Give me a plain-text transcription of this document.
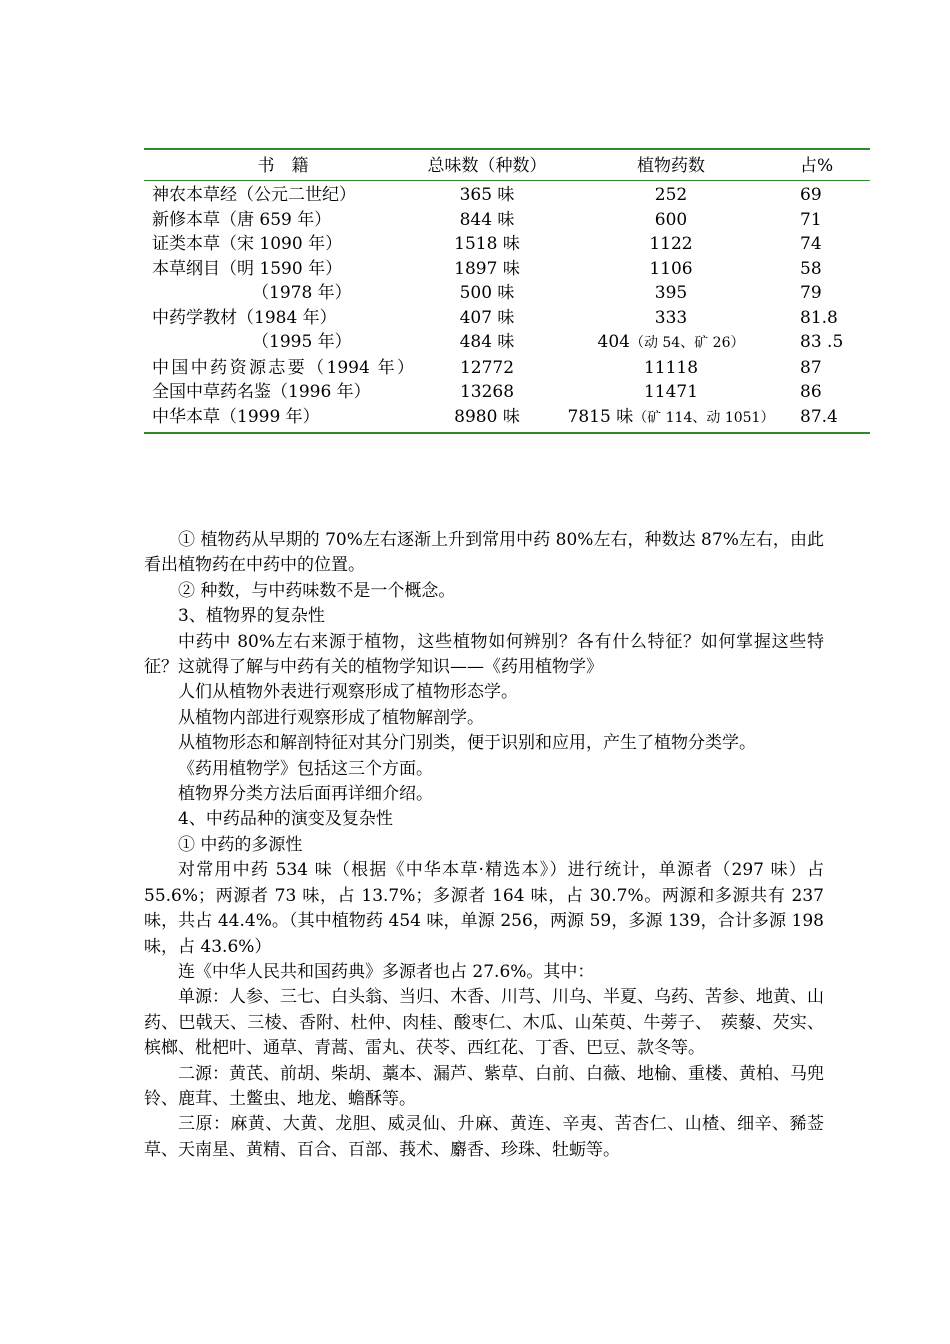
书　籍	总味数（种数）	植物药数	占%
神农本草经（公元二世纪）	365 味	252	69
新修本草（唐 659 年）	844 味	600	71
证类本草（宋 1090 年）	1518 味	1122	74
本草纲目（明 1590 年）	1897 味	1106	58
（1978 年）	500 味	395	79
中药学教材（1984 年）	407 味	333	81.8
（1995 年）	484 味	404（动 54、矿 26）	83 .5
中国中药资源志要（1994 年）	12772	11118	87
全国中草药名鉴（1996 年）	13268	11471	86
中华本草（1999 年）	8980 味	7815 味（矿 114、动 1051）	87.4

① 植物药从早期的 70%左右逐渐上升到常用中药 80%左右，种数达 87%左右，由此看出植物药在中药中的位置。

② 种数，与中药味数不是一个概念。

3、植物界的复杂性

中药中 80%左右来源于植物，这些植物如何辨别？各有什么特征？如何掌握这些特征？这就得了解与中药有关的植物学知识——《药用植物学》

人们从植物外表进行观察形成了植物形态学。

从植物内部进行观察形成了植物解剖学。

从植物形态和解剖特征对其分门别类，便于识别和应用，产生了植物分类学。

《药用植物学》包括这三个方面。

植物界分类方法后面再详细介绍。

4、中药品种的演变及复杂性

① 中药的多源性

对常用中药 534 味（根据《中华本草·精选本》）进行统计，单源者（297 味）占 55.6%；两源者 73 味，占 13.7%；多源者 164 味，占 30.7%。两源和多源共有 237 味，共占 44.4%。（其中植物药 454 味，单源 256，两源 59，多源 139，合计多源 198 味，占 43.6%）

连《中华人民共和国药典》多源者也占 27.6%。其中：

单源：人参、三七、白头翁、当归、木香、川芎、川乌、半夏、乌药、苦参、地黄、山药、巴戟天、三棱、香附、杜仲、肉桂、酸枣仁、木瓜、山茱萸、牛蒡子、　蒺藜、芡实、槟榔、枇杷叶、通草、青蒿、雷丸、茯苓、西红花、丁香、巴豆、款冬等。

二源：黄芪、前胡、柴胡、藁本、漏芦、紫草、白前、白薇、地榆、重楼、黄柏、马兜铃、鹿茸、土鳖虫、地龙、蟾酥等。

三原：麻黄、大黄、龙胆、威灵仙、升麻、黄连、辛夷、苦杏仁、山楂、细辛、豨莶草、天南星、黄精、百合、百部、莪术、麝香、珍珠、牡蛎等。
